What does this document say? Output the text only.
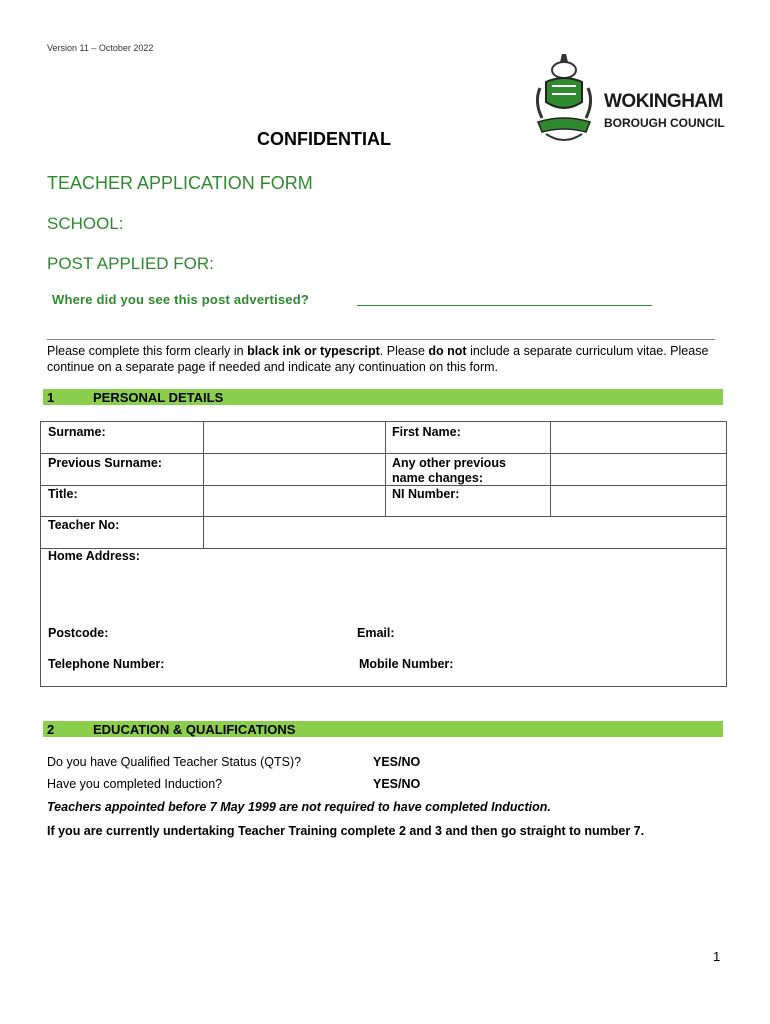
Version 11 – October 2022
WOKINGHAM
BOROUGH COUNCIL
CONFIDENTIAL
TEACHER APPLICATION FORM
SCHOOL:
POST APPLIED FOR:
Where did you see this post advertised?
Please complete this form clearly in black ink or typescript. Please do not include a separate curriculum vitae. Please continue on a separate page if needed and indicate any continuation on this form.
1	PERSONAL DETAILS
Surname:	First Name:
Previous Surname:	Any other previous name changes:
Title:	NI Number:
Teacher No:
Home Address:
Postcode:	Email:
Telephone Number:	Mobile Number:
2	EDUCATION & QUALIFICATIONS
Do you have Qualified Teacher Status (QTS)?	YES/NO
Have you completed Induction?	YES/NO
Teachers appointed before 7 May 1999 are not required to have completed Induction.
If you are currently undertaking Teacher Training complete 2 and 3 and then go straight to number 7.
1
